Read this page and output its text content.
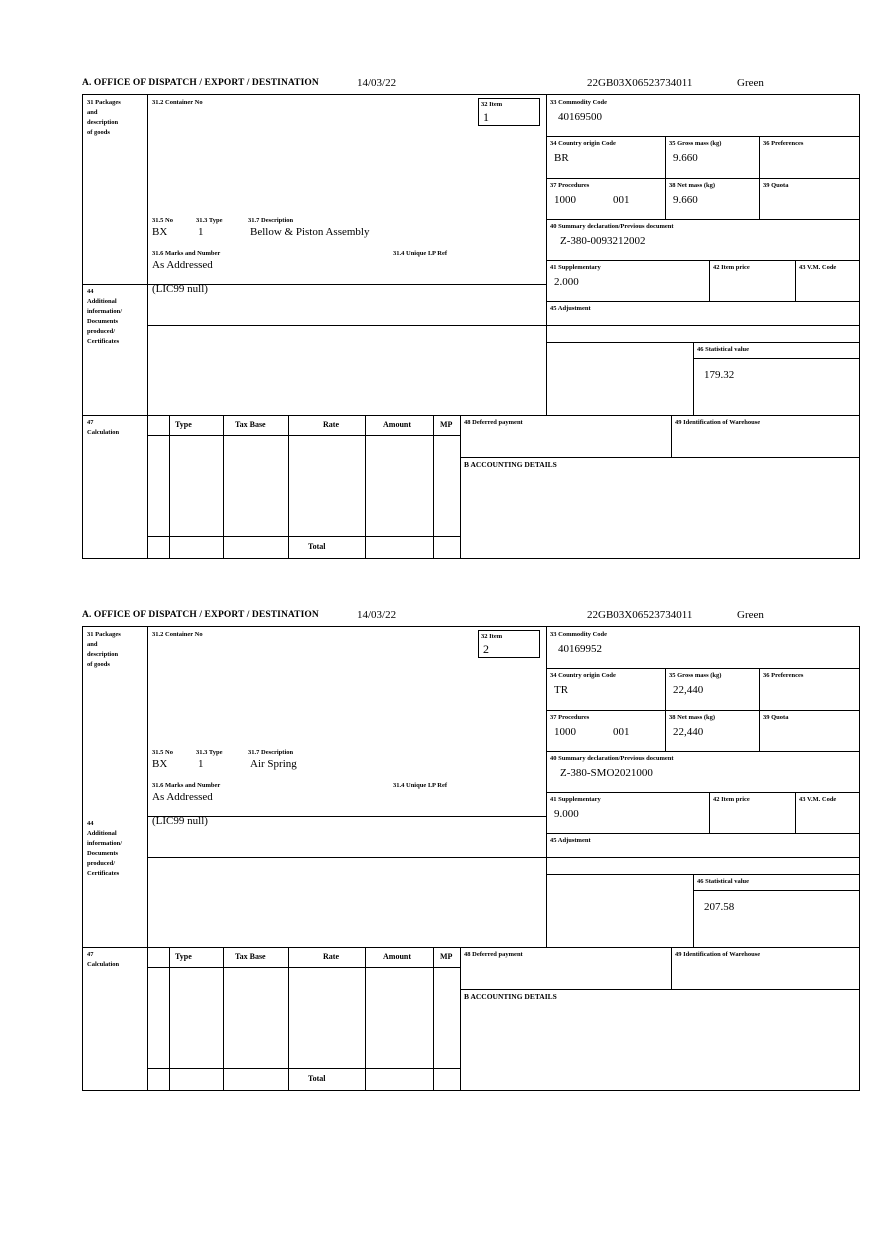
A. OFFICE OF DISPATCH / EXPORT / DESTINATION	14/03/22	22GB03X06523734011	Green
31 Packages
and
description
of goods
31.2 Container No	32 Item
1
31.5 No	31.3 Type	31.7 Description
BX	1	Bellow & Piston Assembly
31.6 Marks and Number	31.4 Unique I.P Ref
As Addressed
44
Additional
information/
Documents
produced/
Certificates
(LIC99 null)
33 Commodity Code
40169500
34 Country origin Code
BR
35 Gross mass (kg)
9.660
36 Preferences
37 Procedures
1000	001
38 Net mass (kg)
9.660
39 Quota
40 Summary declaration/Previous document
Z-380-0093212002
41 Supplementary
2.000
42 Item price	43 V.M. Code
45 Adjustment
46 Statistical value
179.32
47
Calculation
Type	Tax Base	Rate	Amount	MP
Total
48 Deferred payment	49 Identification of Warehouse
B ACCOUNTING DETAILS
A. OFFICE OF DISPATCH / EXPORT / DESTINATION	14/03/22	22GB03X06523734011	Green
31 Packages
and
description
of goods
31.2 Container No	32 Item
2
31.5 No	31.3 Type	31.7 Description
BX	1	Air Spring
31.6 Marks and Number	31.4 Unique I.P Ref
As Addressed
44
Additional
information/
Documents
produced/
Certificates
(LIC99 null)
33 Commodity Code
40169952
34 Country origin Code
TR
35 Gross mass (kg)
22,440
36 Preferences
37 Procedures
1000	001
38 Net mass (kg)
22,440
39 Quota
40 Summary declaration/Previous document
Z-380-SMO2021000
41 Supplementary
9.000
42 Item price	43 V.M. Code
45 Adjustment
46 Statistical value
207.58
47
Calculation
Type	Tax Base	Rate	Amount	MP
Total
48 Deferred payment	49 Identification of Warehouse
B ACCOUNTING DETAILS
